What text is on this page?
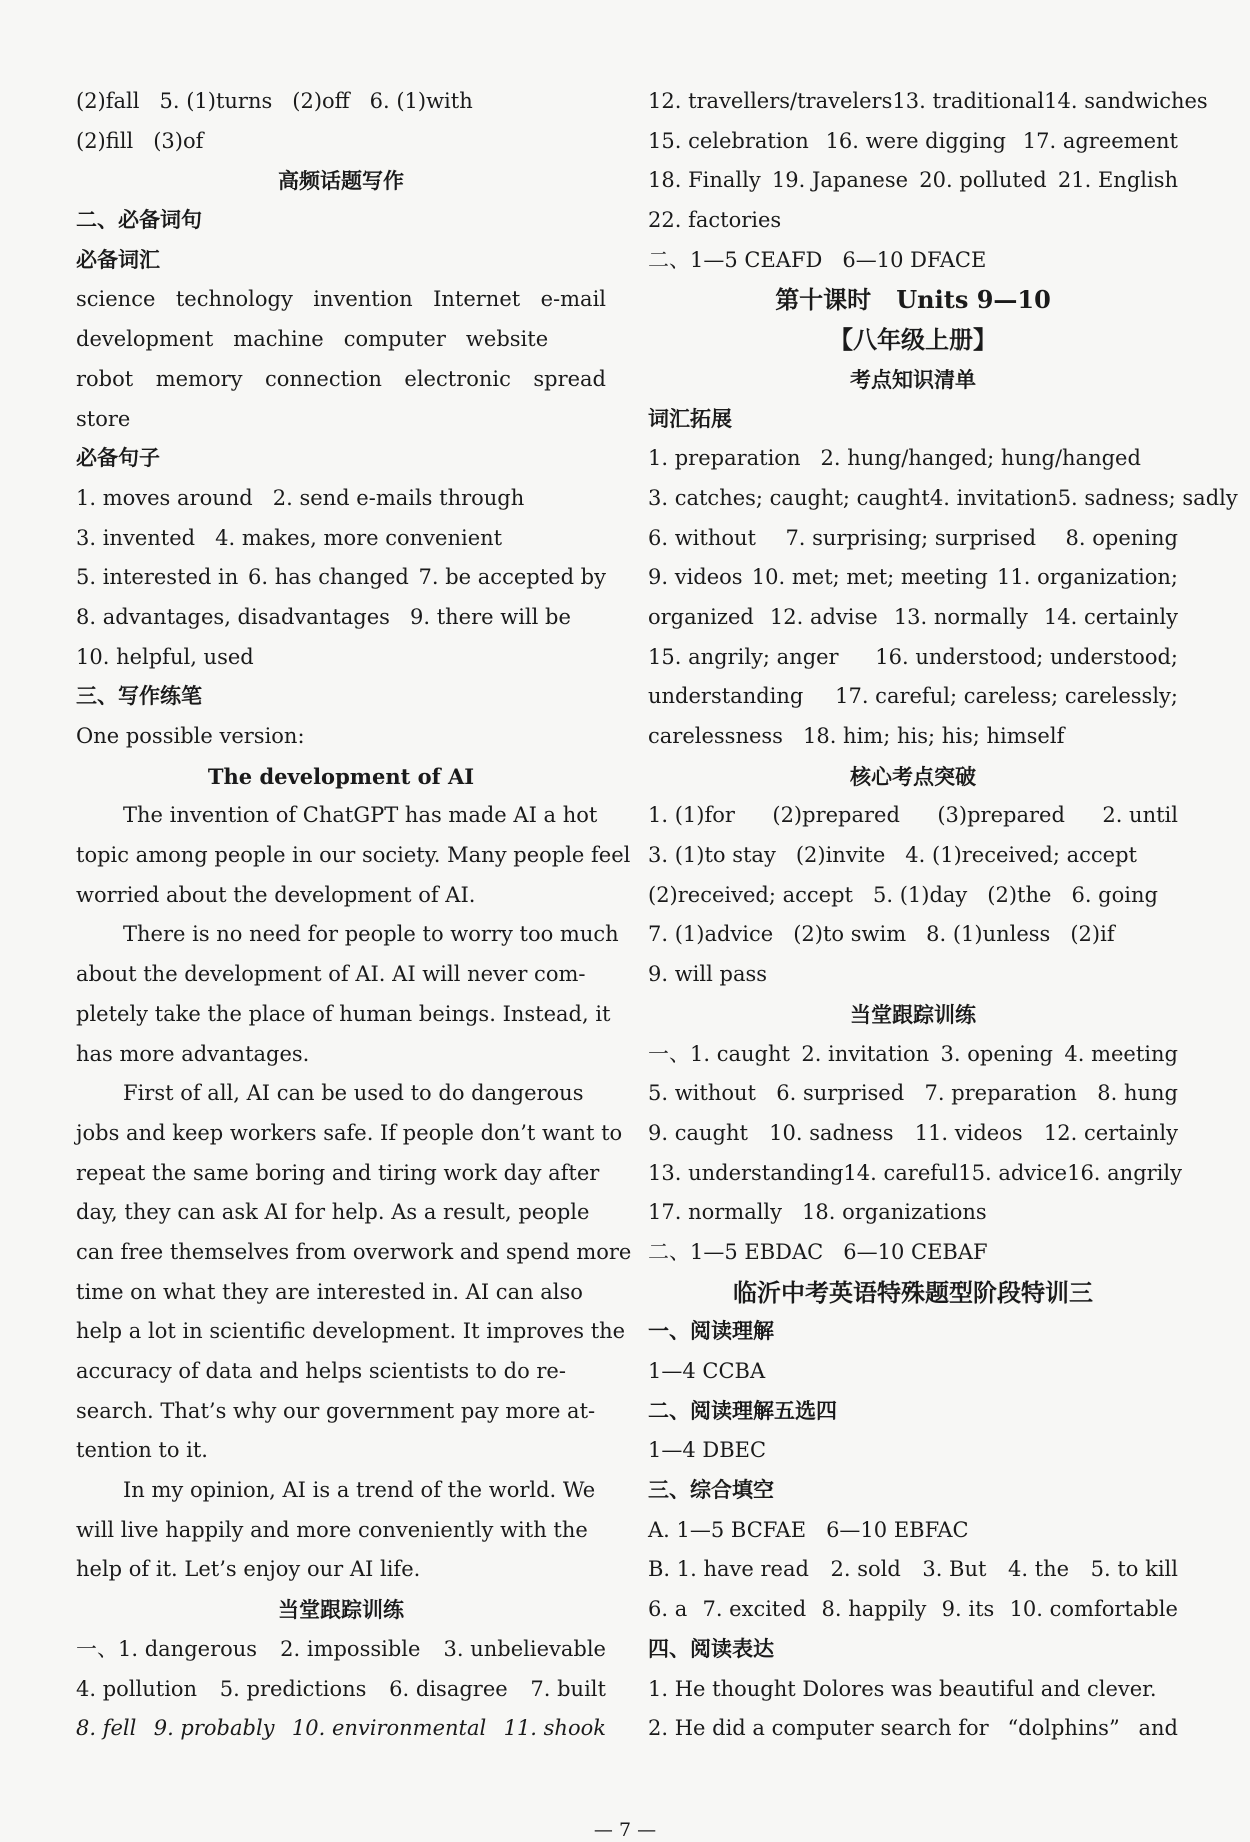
(2)fall   5. (1)turns   (2)off   6. (1)with
(2)fill   (3)of
高频话题写作
二、必备词句
必备词汇
science technology invention Internet e-mail
development   machine   computer   website
robot memory connection electronic spread
store
必备句子
1. moves around   2. send e-mails through
3. invented   4. makes, more convenient
5. interested in 6. has changed 7. be accepted by
8. advantages, disadvantages   9. there will be
10. helpful, used
三、写作练笔
One possible version:
The development of AI
The invention of ChatGPT has made AI a hot
topic among people in our society. Many people feel
worried about the development of AI.
There is no need for people to worry too much
about the development of AI. AI will never com-
pletely take the place of human beings. Instead, it
has more advantages.
First of all, AI can be used to do dangerous
jobs and keep workers safe. If people don’t want to
repeat the same boring and tiring work day after
day, they can ask AI for help. As a result, people
can free themselves from overwork and spend more
time on what they are interested in. AI can also
help a lot in scientific development. It improves the
accuracy of data and helps scientists to do re-
search. That’s why our government pay more at-
tention to it.
In my opinion, AI is a trend of the world. We
will live happily and more conveniently with the
help of it. Let’s enjoy our AI life.
当堂跟踪训练
一、1. dangerous 2. impossible 3. unbelievable
4. pollution 5. predictions 6. disagree 7. built
8. fell 9. probably 10. environmental 11. shook
12. travellers/travelers 13. traditional 14. sandwiches
15. celebration 16. were digging 17. agreement
18. Finally 19. Japanese 20. polluted 21. English
22. factories
二、1—5 CEAFD   6—10 DFACE
第十课时   Units 9—10
【八年级上册】
考点知识清单
词汇拓展
1. preparation   2. hung/hanged; hung/hanged
3. catches; caught; caught 4. invitation 5. sadness; sadly
6. without 7. surprising; surprised 8. opening
9. videos 10. met; met; meeting 11. organization;
organized 12. advise 13. normally 14. certainly
15. angrily; anger 16. understood; understood;
understanding 17. careful; careless; carelessly;
carelessness   18. him; his; his; himself
核心考点突破
1. (1)for (2)prepared (3)prepared 2. until
3. (1)to stay   (2)invite   4. (1)received; accept
(2)received; accept   5. (1)day   (2)the   6. going
7. (1)advice   (2)to swim   8. (1)unless   (2)if
9. will pass
当堂跟踪训练
一、1. caught 2. invitation 3. opening 4. meeting
5. without 6. surprised 7. preparation 8. hung
9. caught 10. sadness 11. videos 12. certainly
13. understanding 14. careful 15. advice 16. angrily
17. normally   18. organizations
二、1—5 EBDAC   6—10 CEBAF
临沂中考英语特殊题型阶段特训三
一、阅读理解
1—4 CCBA
二、阅读理解五选四
1—4 DBEC
三、综合填空
A. 1—5 BCFAE   6—10 EBFAC
B. 1. have read 2. sold 3. But 4. the 5. to kill
6. a 7. excited 8. happily 9. its 10. comfortable
四、阅读表达
1. He thought Dolores was beautiful and clever.
2. He did a computer search for “dolphins” and
— 7 —
